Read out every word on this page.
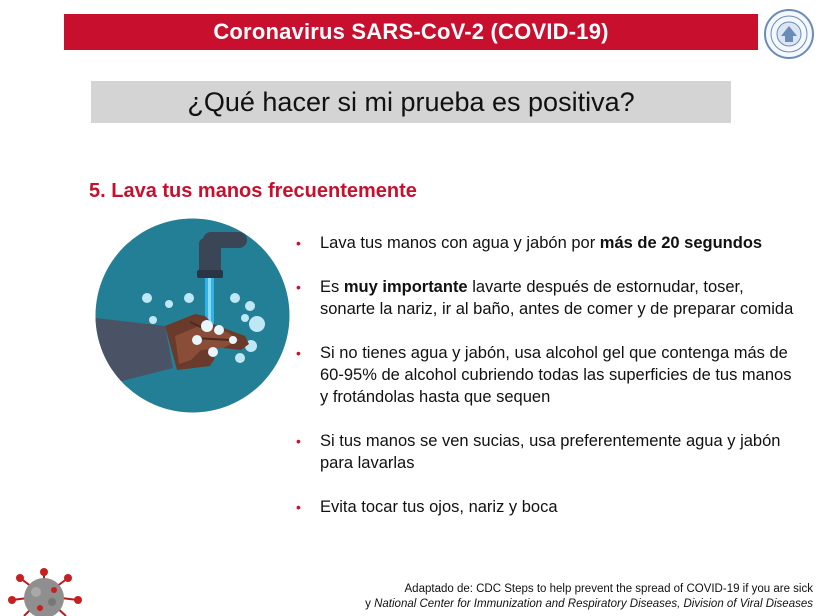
Coronavirus SARS-CoV-2 (COVID-19)
¿Qué hacer si mi prueba es positiva?
5. Lava tus manos frecuentemente
• Lava tus manos con agua y jabón por más de 20 segundos
• Es muy importante lavarte después de estornudar, toser, sonarte la nariz, ir al baño, antes de comer y de preparar comida
• Si no tienes agua y jabón, usa alcohol gel que contenga más de 60-95% de alcohol cubriendo todas las superficies de tus manos y frotándolas hasta que sequen
• Si tus manos se ven sucias, usa preferentemente agua y jabón para lavarlas
• Evita tocar tus ojos, nariz y boca
Adaptado de: CDC Steps to help prevent the spread of COVID-19 if you are sick
y National Center for Immunization and Respiratory Diseases, Division of Viral Diseases
